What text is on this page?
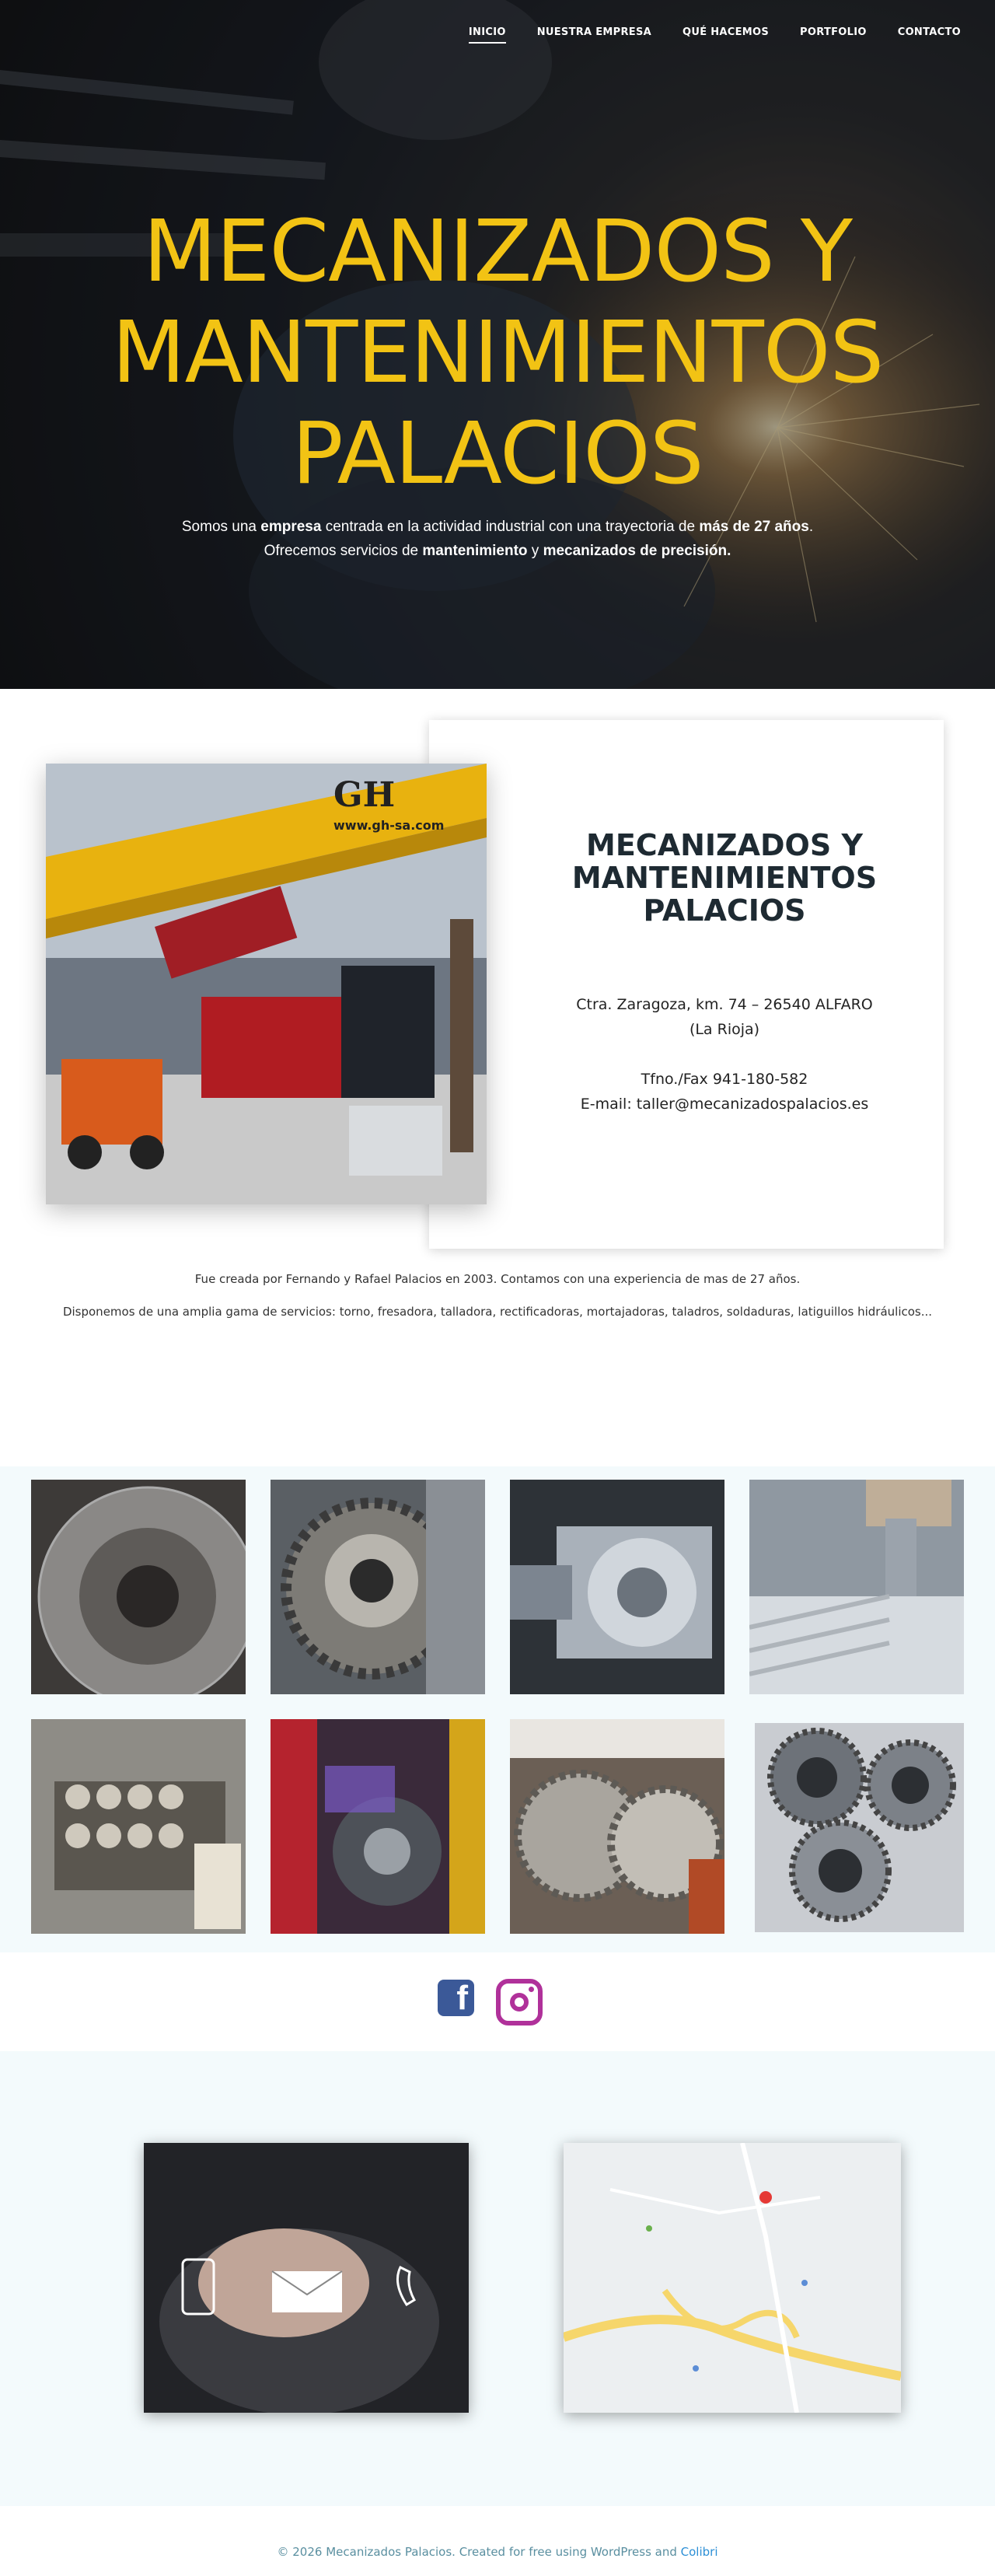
INICIO	NUESTRA EMPRESA	QUÉ HACEMOS	PORTFOLIO	CONTACTO
MECANIZADOS Y
MANTENIMIENTOS
PALACIOS

Somos una empresa centrada en la actividad industrial con una trayectoria de más de 27 años.
Ofrecemos servicios de mantenimiento y mecanizados de precisión.

MECANIZADOS Y
MANTENIMIENTOS
PALACIOS

Ctra. Zaragoza, km. 74 – 26540 ALFARO
(La Rioja)

Tfno./Fax 941-180-582
E-mail: taller@mecanizadospalacios.es

GH
www.gh-sa.com

Fue creada por Fernando y Rafael Palacios en 2003. Contamos con una experiencia de mas de 27 años.

Disponemos de una amplia gama de servicios: torno, fresadora, talladora, rectificadoras, mortajadoras, taladros, soldaduras, latiguillos hidráulicos...

f

© 2026 Mecanizados Palacios. Created for free using WordPress and Colibri
